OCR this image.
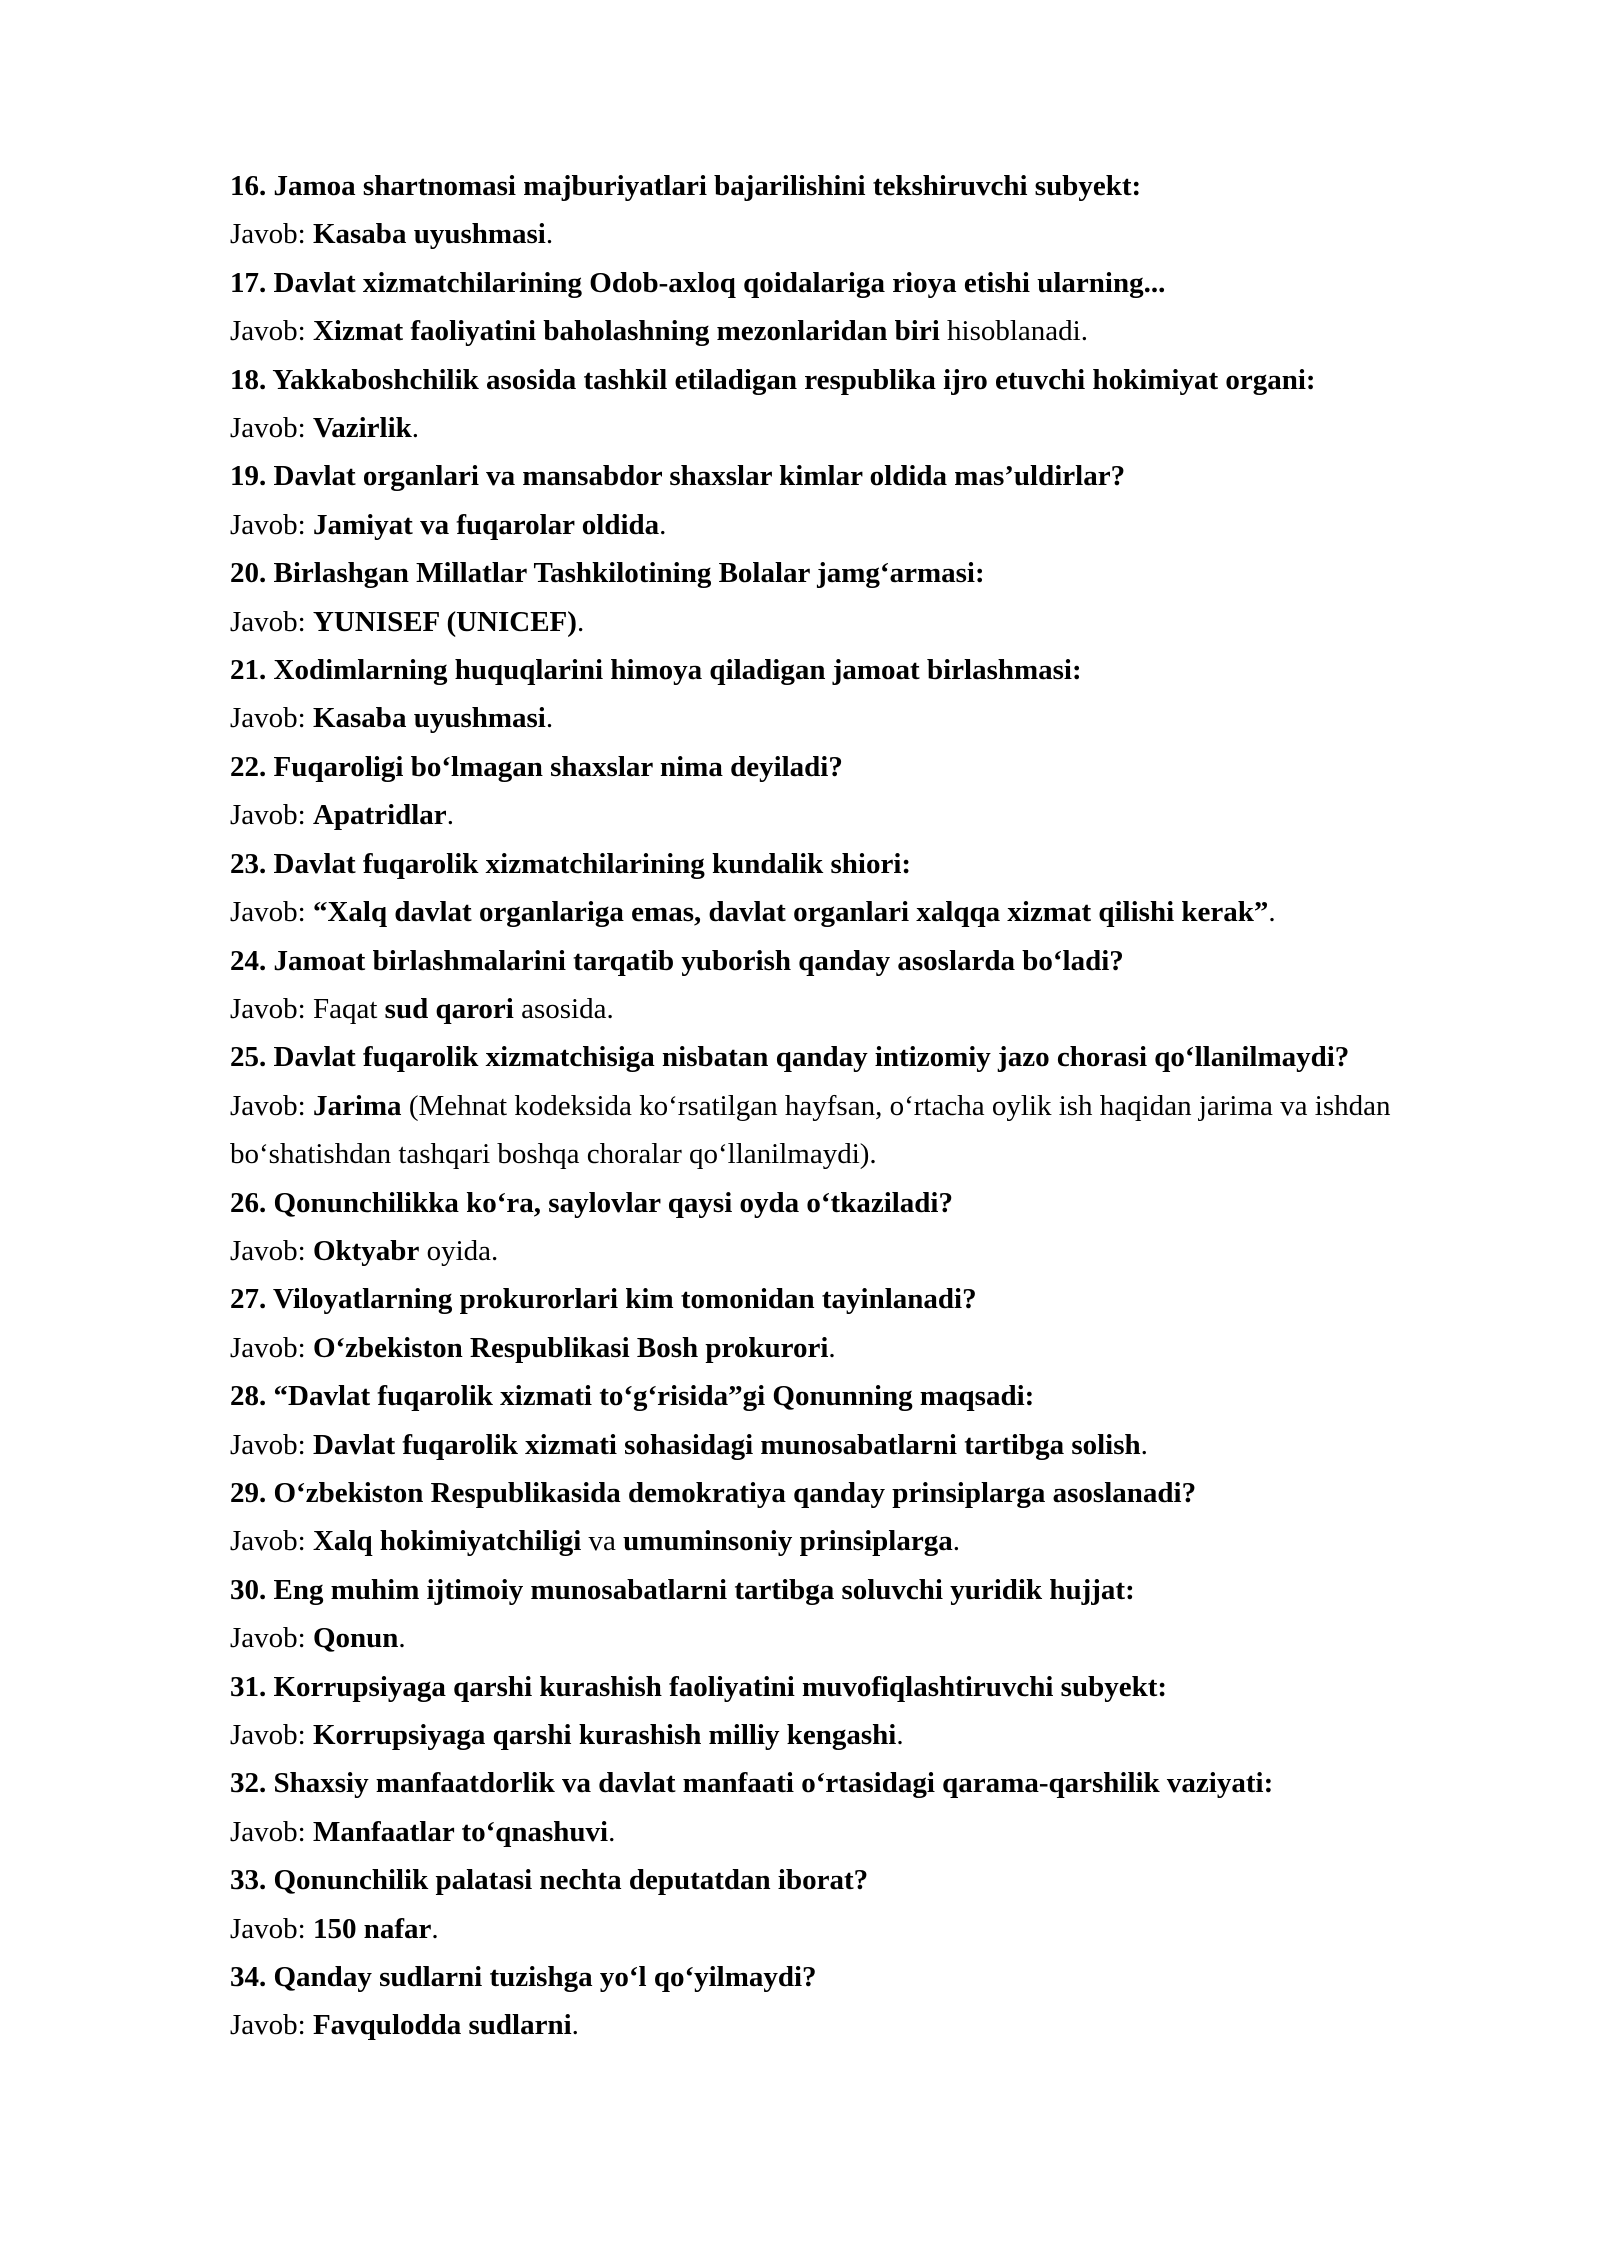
16. Jamoa shartnomasi majburiyatlari bajarilishini tekshiruvchi subyekt:

Javob: Kasaba uyushmasi.

17. Davlat xizmatchilarining Odob-axloq qoidalariga rioya etishi ularning...

Javob: Xizmat faoliyatini baholashning mezonlaridan biri hisoblanadi.

18. Yakkaboshchilik asosida tashkil etiladigan respublika ijro etuvchi hokimiyat organi:

Javob: Vazirlik.

19. Davlat organlari va mansabdor shaxslar kimlar oldida mas’uldirlar?

Javob: Jamiyat va fuqarolar oldida.

20. Birlashgan Millatlar Tashkilotining Bolalar jamg‘armasi:

Javob: YUNISEF (UNICEF).

21. Xodimlarning huquqlarini himoya qiladigan jamoat birlashmasi:

Javob: Kasaba uyushmasi.

22. Fuqaroligi bo‘lmagan shaxslar nima deyiladi?

Javob: Apatridlar.

23. Davlat fuqarolik xizmatchilarining kundalik shiori:

Javob: “Xalq davlat organlariga emas, davlat organlari xalqqa xizmat qilishi kerak”.

24. Jamoat birlashmalarini tarqatib yuborish qanday asoslarda bo‘ladi?

Javob: Faqat sud qarori asosida.

25. Davlat fuqarolik xizmatchisiga nisbatan qanday intizomiy jazo chorasi qo‘llanilmaydi?

Javob: Jarima (Mehnat kodeksida ko‘rsatilgan hayfsan, o‘rtacha oylik ish haqidan jarima va ishdan bo‘shatishdan tashqari boshqa choralar qo‘llanilmaydi).

26. Qonunchilikka ko‘ra, saylovlar qaysi oyda o‘tkaziladi?

Javob: Oktyabr oyida.

27. Viloyatlarning prokurorlari kim tomonidan tayinlanadi?

Javob: O‘zbekiston Respublikasi Bosh prokurori.

28. “Davlat fuqarolik xizmati to‘g‘risida”gi Qonunning maqsadi:

Javob: Davlat fuqarolik xizmati sohasidagi munosabatlarni tartibga solish.

29. O‘zbekiston Respublikasida demokratiya qanday prinsiplarga asoslanadi?

Javob: Xalq hokimiyatchiligi va umuminsoniy prinsiplarga.

30. Eng muhim ijtimoiy munosabatlarni tartibga soluvchi yuridik hujjat:

Javob: Qonun.

31. Korrupsiyaga qarshi kurashish faoliyatini muvofiqlashtiruvchi subyekt:

Javob: Korrupsiyaga qarshi kurashish milliy kengashi.

32. Shaxsiy manfaatdorlik va davlat manfaati o‘rtasidagi qarama-qarshilik vaziyati:

Javob: Manfaatlar to‘qnashuvi.

33. Qonunchilik palatasi nechta deputatdan iborat?

Javob: 150 nafar.

34. Qanday sudlarni tuzishga yo‘l qo‘yilmaydi?

Javob: Favqulodda sudlarni.
